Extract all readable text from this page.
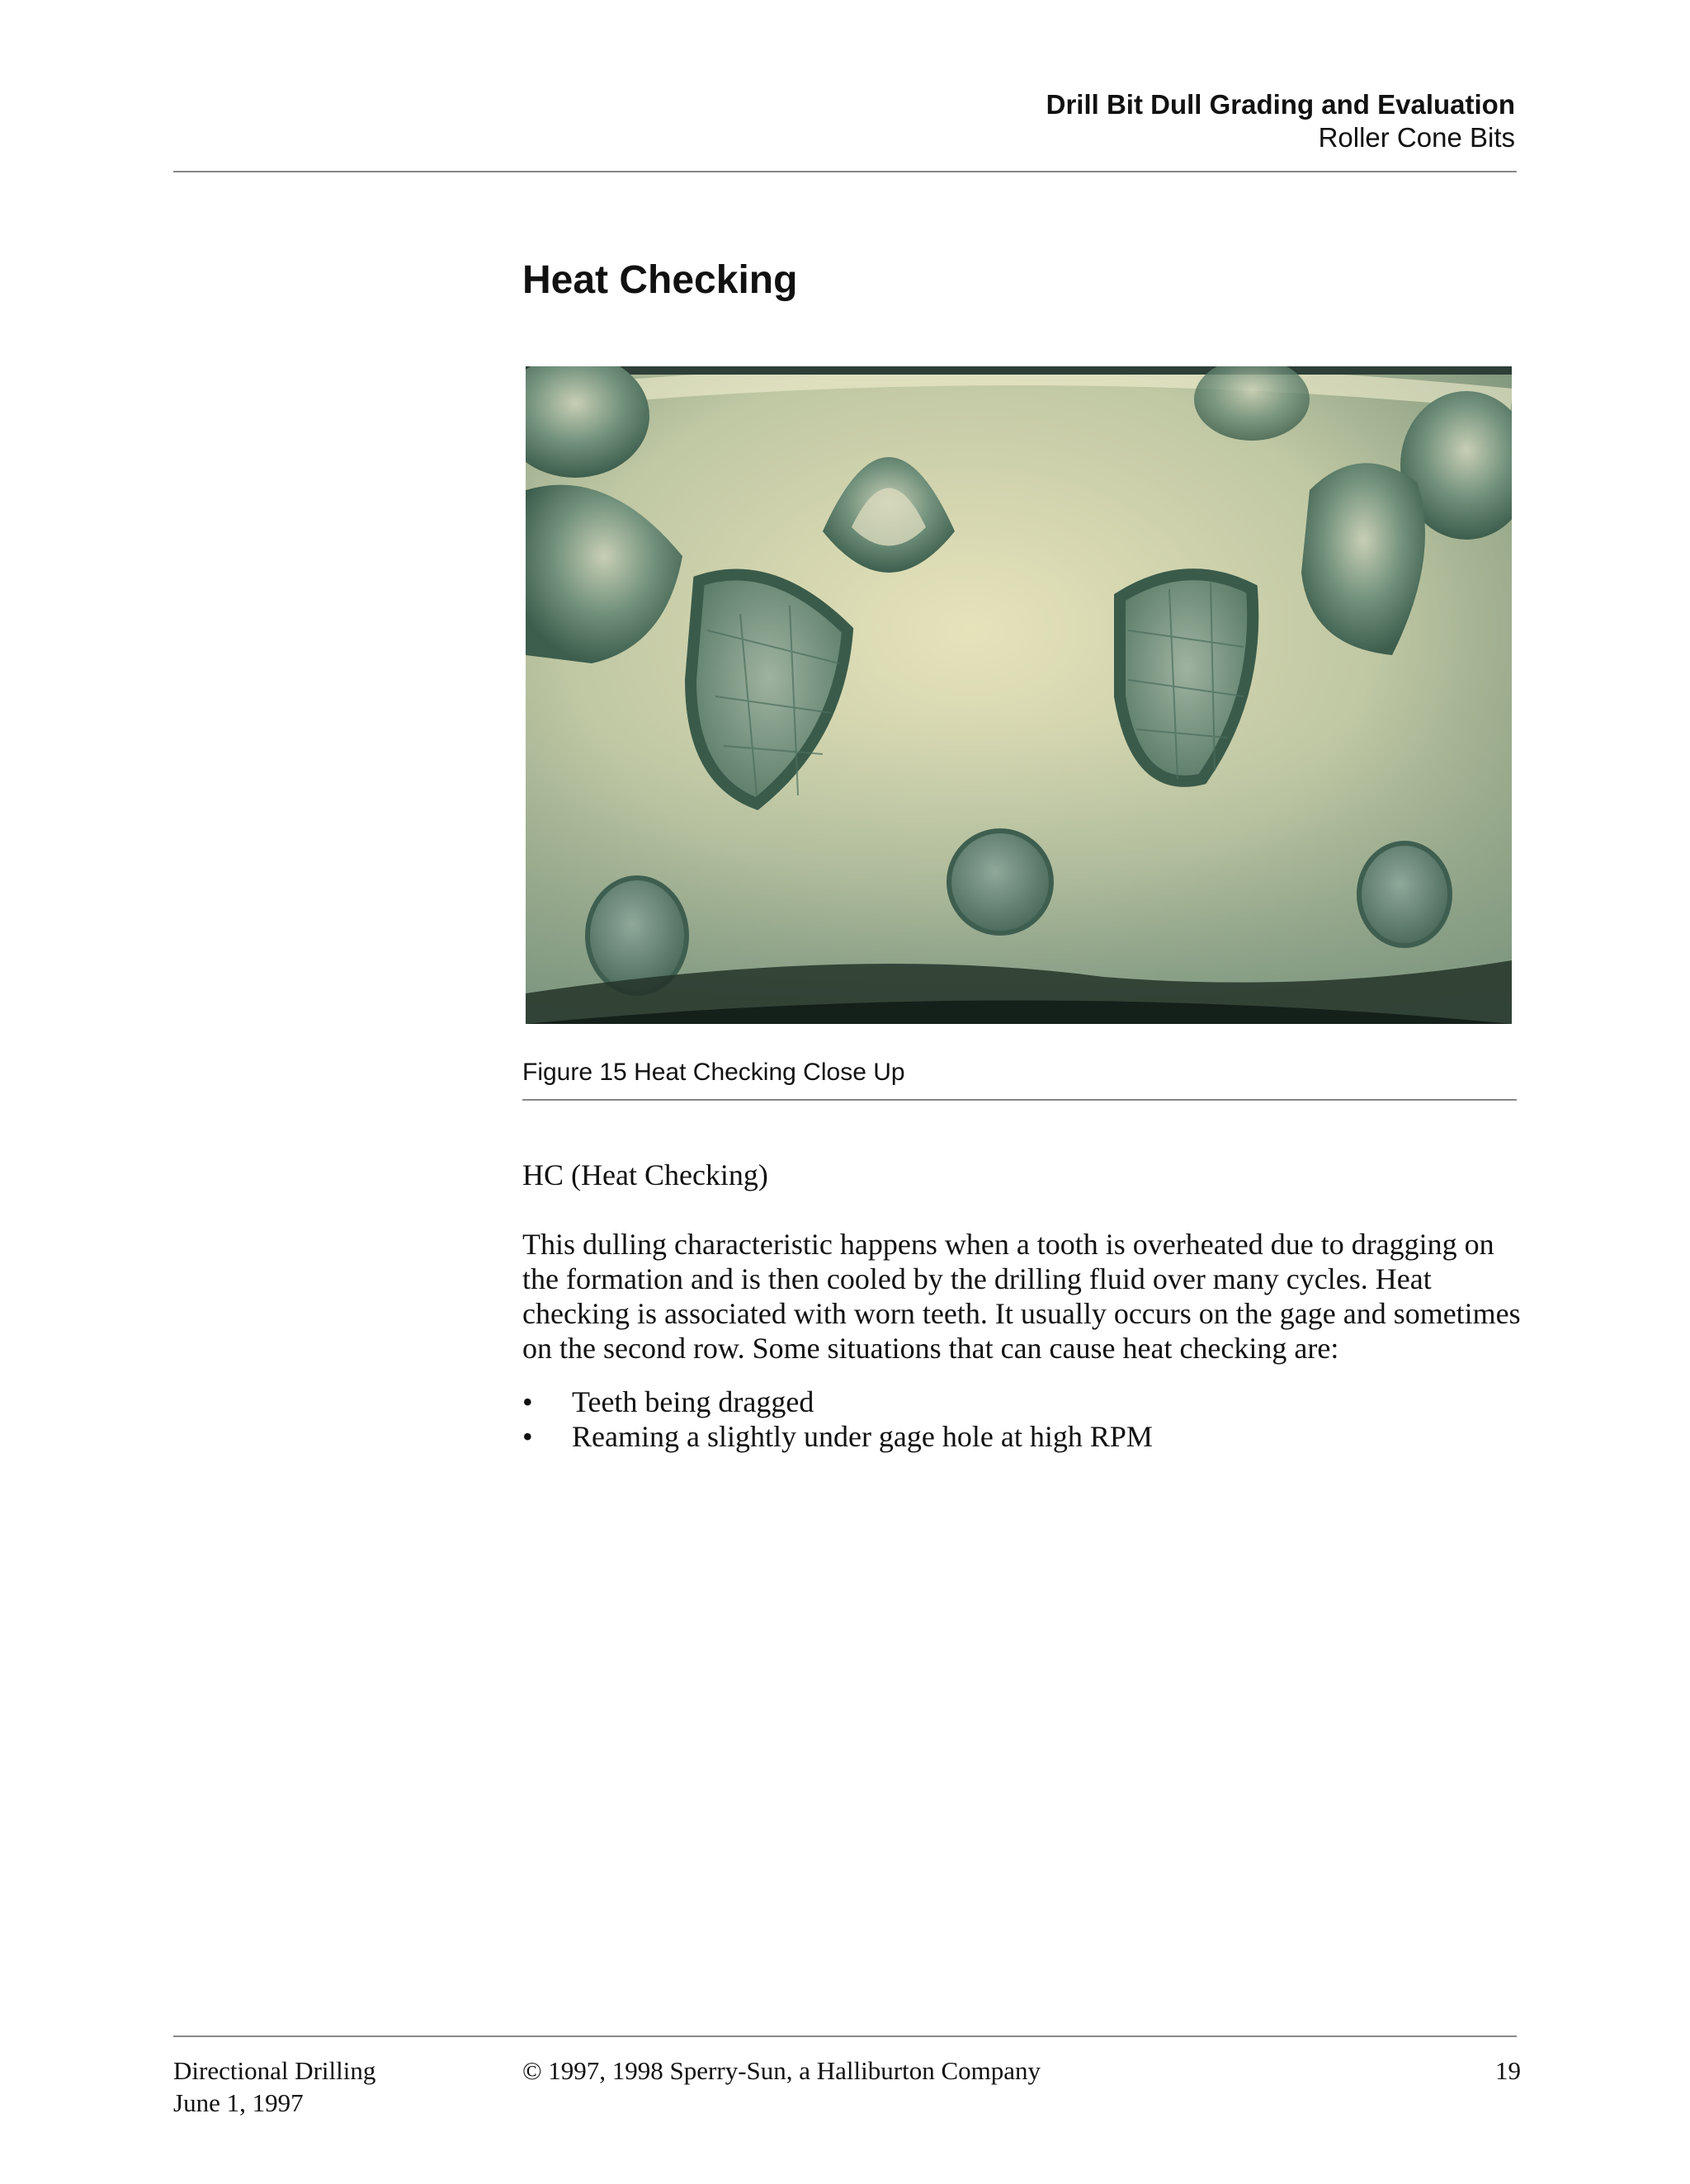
Drill Bit Dull Grading and Evaluation
Roller Cone Bits
Heat Checking
Figure 15 Heat Checking Close Up
HC (Heat Checking)

This dulling characteristic happens when a tooth is overheated due to dragging on the formation and is then cooled by the drilling fluid over many cycles. Heat checking is associated with worn teeth. It usually occurs on the gage and sometimes on the second row. Some situations that can cause heat checking are:

• Teeth being dragged
• Reaming a slightly under gage hole at high RPM
Directional Drilling
June 1, 1997
© 1997, 1998 Sperry-Sun, a Halliburton Company	19
